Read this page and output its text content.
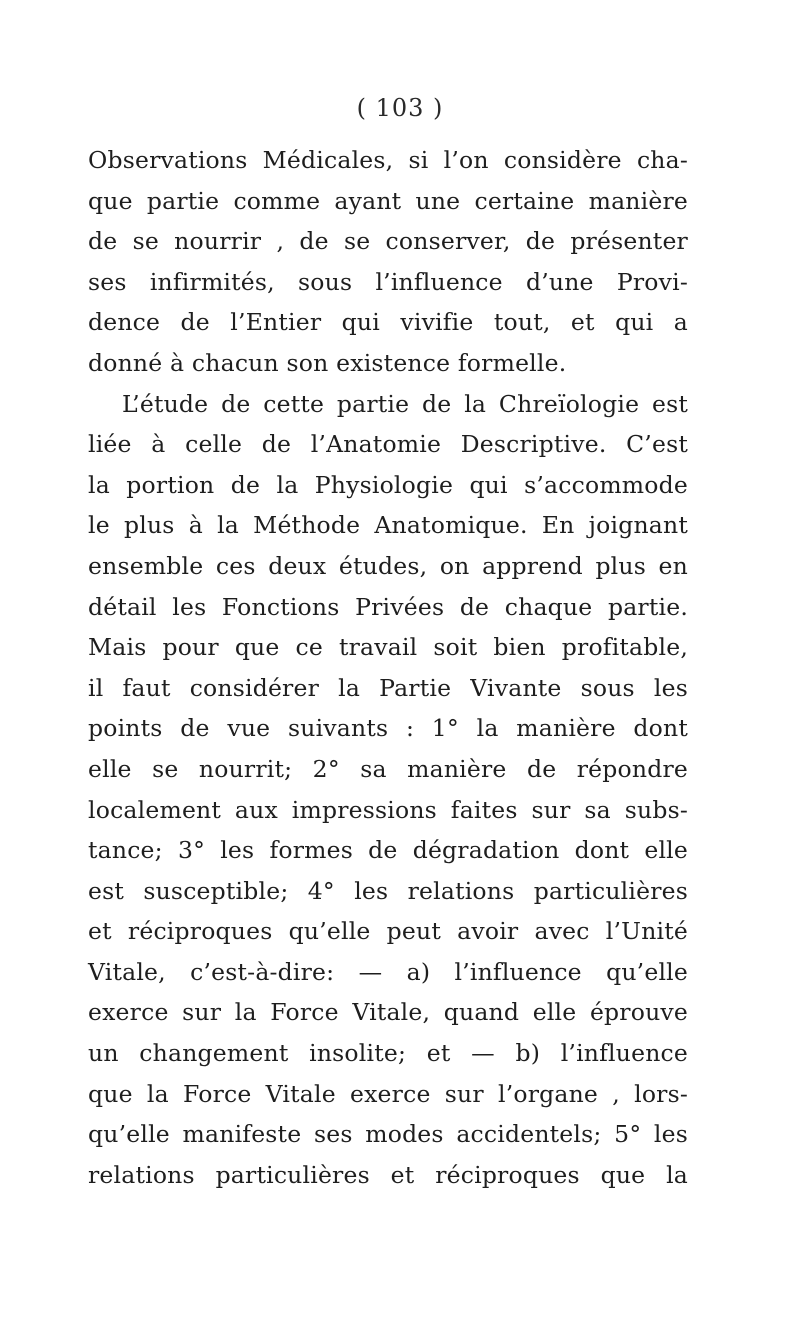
( 103 )
Observations Médicales, si l’on considère cha-
que partie comme ayant une certaine manière
de se nourrir , de se conserver, de présenter
ses infirmités, sous l’influence d’une Provi-
dence de l’Entier qui vivifie tout, et qui a
donné à chacun son existence formelle.
L’étude de cette partie de la Chreïologie est
liée à celle de l’Anatomie Descriptive. C’est
la portion de la Physiologie qui s’accommode
le plus à la Méthode Anatomique. En joignant
ensemble ces deux études, on apprend plus en
détail les Fonctions Privées de chaque partie.
Mais pour que ce travail soit bien profitable,
il faut considérer la Partie Vivante sous les
points de vue suivants : 1° la manière dont
elle se nourrit; 2° sa manière de répondre
localement aux impressions faites sur sa subs-
tance; 3° les formes de dégradation dont elle
est susceptible; 4° les relations particulières
et réciproques qu’elle peut avoir avec l’Unité
Vitale, c’est-à-dire: — a) l’influence qu’elle
exerce sur la Force Vitale, quand elle éprouve
un changement insolite; et — b) l’influence
que la Force Vitale exerce sur l’organe , lors-
qu’elle manifeste ses modes accidentels; 5° les
relations particulières et réciproques que la
